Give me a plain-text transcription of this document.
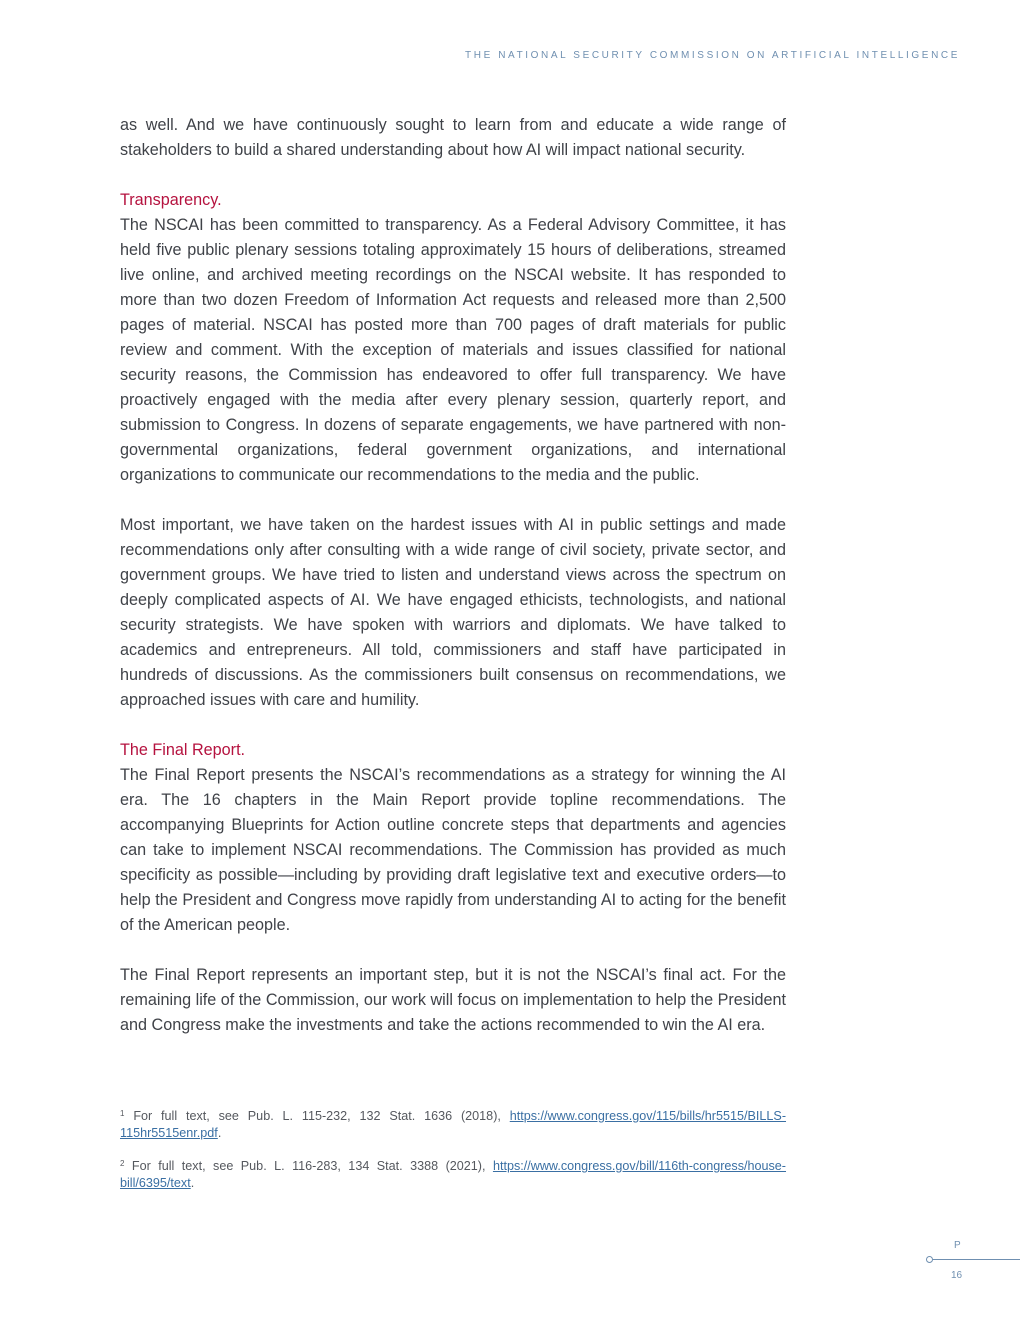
THE NATIONAL SECURITY COMMISSION ON ARTIFICIAL INTELLIGENCE

as well. And we have continuously sought to learn from and educate a wide range of stakeholders to build a shared understanding about how AI will impact national security.

Transparency.

The NSCAI has been committed to transparency. As a Federal Advisory Committee, it has held five public plenary sessions totaling approximately 15 hours of deliberations, streamed live online, and archived meeting recordings on the NSCAI website. It has responded to more than two dozen Freedom of Information Act requests and released more than 2,500 pages of material. NSCAI has posted more than 700 pages of draft materials for public review and comment. With the exception of materials and issues classified for national security reasons, the Commission has endeavored to offer full transparency. We have proactively engaged with the media after every plenary session, quarterly report, and submission to Congress. In dozens of separate engagements, we have partnered with non-governmental organizations, federal government organizations, and international organizations to communicate our recommendations to the media and the public.

Most important, we have taken on the hardest issues with AI in public settings and made recommendations only after consulting with a wide range of civil society, private sector, and government groups. We have tried to listen and understand views across the spectrum on deeply complicated aspects of AI. We have engaged ethicists, technologists, and national security strategists. We have spoken with warriors and diplomats. We have talked to academics and entrepreneurs. All told, commissioners and staff have participated in hundreds of discussions. As the commissioners built consensus on recommendations, we approached issues with care and humility.

The Final Report.

The Final Report presents the NSCAI’s recommendations as a strategy for winning the AI era. The 16 chapters in the Main Report provide topline recommendations. The accompanying Blueprints for Action outline concrete steps that departments and agencies can take to implement NSCAI recommendations. The Commission has provided as much specificity as possible—including by providing draft legislative text and executive orders—to help the President and Congress move rapidly from understanding AI to acting for the benefit of the American people.

The Final Report represents an important step, but it is not the NSCAI’s final act. For the remaining life of the Commission, our work will focus on implementation to help the President and Congress make the investments and take the actions recommended to win the AI era.

$^1$ For full text, see Pub. L. 115-232, 132 Stat. 1636 (2018), https://www.congress.gov/115/bills/hr5515/BILLS-115hr5515enr.pdf.

$^2$ For full text, see Pub. L. 116-283, 134 Stat. 3388 (2021), https://www.congress.gov/bill/116th-congress/house-bill/6395/text.

P
16
